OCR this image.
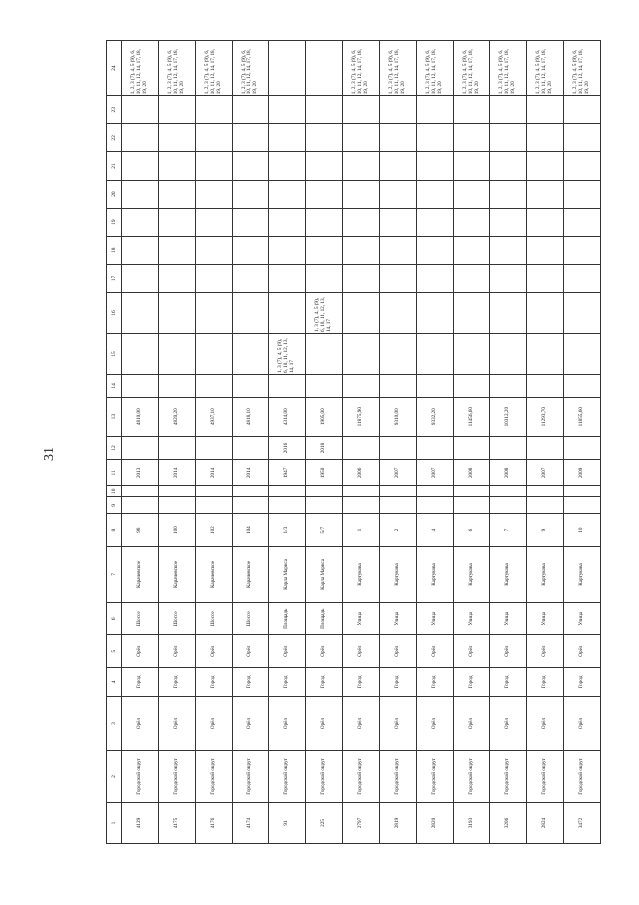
31
1	2	3	4	5	6	7	8	9	10	11	12	13	14	15	16	17	18	19	20	21	22	23	24
4129	Городской округ	Орёл	Город	Орёл	Шоссе	Карачевское	98			2013		4810,00											1, 2, 3 (7), 4, 5 (9), 6, 10, 11, 12, 14, 17, 18, 19, 20
4175	Городской округ	Орёл	Город	Орёл	Шоссе	Карачевское	100			2014		4820,20											1, 2, 3 (7), 4, 5 (9), 6, 10, 11, 12, 14, 17, 18, 19, 20
4176	Городской округ	Орёл	Город	Орёл	Шоссе	Карачевское	102			2014		4937,10											1, 2, 3 (7), 4, 5 (9), 6, 10, 11, 12, 14, 17, 18, 19, 20
4174	Городской округ	Орёл	Город	Орёл	Шоссе	Карачевское	104			2014		4818,10											1, 2, 3 (7), 4, 5 (9), 6, 10, 11, 12, 14, 17, 18, 19, 20
91	Городской округ	Орёл	Город	Орёл	Площадь	Карла Маркса	1/3			1947	2016	4314,00		1, 3 (7), 4, 5 (9), 6, 10, 11, 12, 13, 14, 17									
225	Городской округ	Орёл	Город	Орёл	Площадь	Карла Маркса	5/7			1950	2018	1905,00			1, 3 (7), 4, 5 (9), 6, 10, 11, 12, 13, 14, 17								
2797	Городской округ	Орёл	Город	Орёл	Улица	Картукова	1			2006		11875,90											1, 2, 3 (7), 4, 5 (9), 6, 10, 11, 12, 14, 17, 18, 19, 20
2819	Городской округ	Орёл	Город	Орёл	Улица	Картукова	2			2007		9310,00											1, 2, 3 (7), 4, 5 (9), 6, 10, 11, 12, 14, 17, 18, 19, 20
2820	Городской округ	Орёл	Город	Орёл	Улица	Картукова	4			2007		9332,20											1, 2, 3 (7), 4, 5 (9), 6, 10, 11, 12, 14, 17, 18, 19, 20
3193	Городской округ	Орёл	Город	Орёл	Улица	Картукова	6			2008		11456,60											1, 2, 3 (7), 4, 5 (9), 6, 10, 11, 12, 14, 17, 18, 19, 20
3206	Городской округ	Орёл	Город	Орёл	Улица	Картукова	7			2008		10312,20											1, 2, 3 (7), 4, 5 (9), 6, 10, 11, 12, 14, 17, 18, 19, 20
2824	Городской округ	Орёл	Город	Орёл	Улица	Картукова	9			2007		11293,70											1, 2, 3 (7), 4, 5 (9), 6, 10, 11, 12, 14, 17, 18, 19, 20
3472	Городской округ	Орёл	Город	Орёл	Улица	Картукова	10			2009		11855,60											1, 2, 3 (7), 4, 5 (9), 6, 10, 11, 12, 14, 17, 18, 19, 20
